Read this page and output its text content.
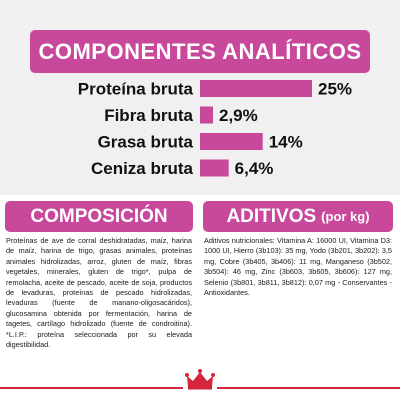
COMPONENTES ANALÍTICOS
Proteína bruta	25%
Fibra bruta 2,9%
Grasa bruta	14%
Ceniza bruta 6,4%
COMPOSICIÓN	ADITIVOS (por kg)
Proteínas de ave de corral deshidratadas, maíz, harina de maíz, harina de trigo, grasas animales, proteínas animales hidrolizadas, arroz, gluten de maíz, fibras vegetales, minerales, gluten de trigo*, pulpa de remolacha, aceite de pescado, aceite de soja, productos de levaduras, proteínas de pescado hidrolizadas, levaduras (fuente de manano-oligosacáridos), glucosamina obtenida por fermentación, harina de tagetes, cartílago hidrolizado (fuente de condroitina). *L.I.P.: proteína seleccionada por su elevada digestibilidad.
Aditivos nutricionales: Vitamina A: 16000 UI, Vitamina D3: 1000 UI, Hierro (3b103): 35 mg, Yodo (3b201, 3b202): 3,5 mg, Cobre (3b405, 3b406): 11 mg, Manganeso (3b502, 3b504): 46 mg, Zinc (3b603, 3b605, 3b606): 127 mg, Selenio (3b801, 3b811, 3b812): 0,07 mg - Conservantes - Antioxidantes.
